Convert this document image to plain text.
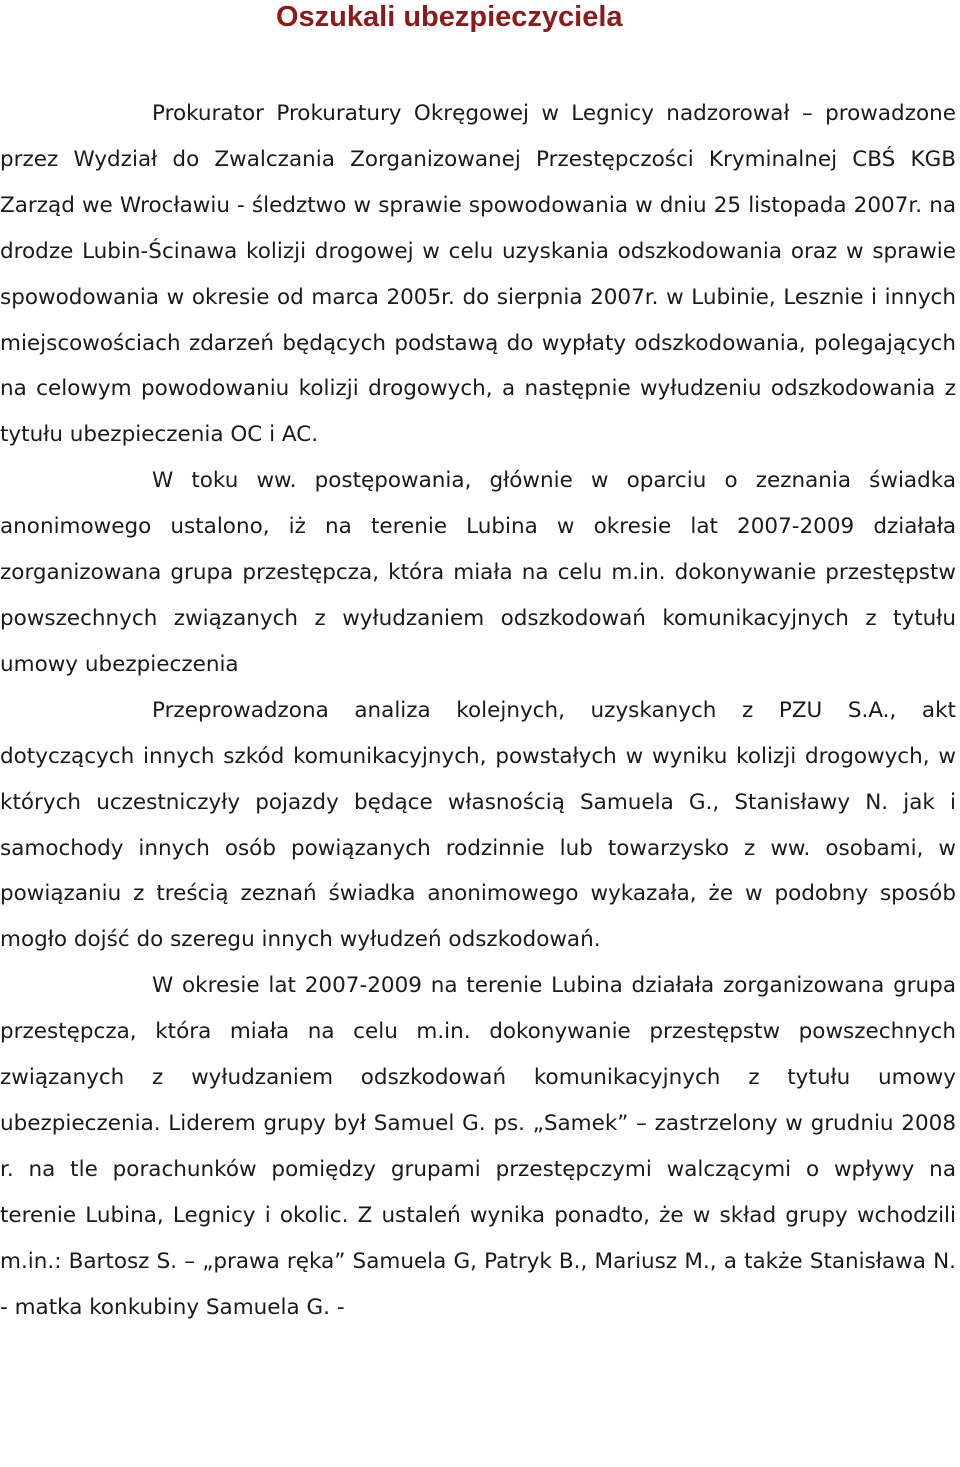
Oszukali ubezpieczyciela

Prokurator Prokuratury Okręgowej w Legnicy nadzorował – prowadzone przez Wydział do Zwalczania Zorganizowanej Przestępczości Kryminalnej CBŚ KGB Zarząd we Wrocławiu - śledztwo w sprawie spowodowania w dniu 25 listopada 2007r. na drodze Lubin-Ścinawa kolizji drogowej w celu uzyskania odszkodowania oraz w sprawie spowodowania w okresie od marca 2005r. do sierpnia 2007r. w Lubinie, Lesznie i innych miejscowościach zdarzeń będących podstawą do wypłaty odszkodowania, polegających na celowym powodowaniu kolizji drogowych, a następnie wyłudzeniu odszkodowania z tytułu ubezpieczenia OC i AC.

W toku ww. postępowania, głównie w oparciu o zeznania świadka anonimowego ustalono, iż na terenie Lubina w okresie lat 2007-2009 działała zorganizowana grupa przestępcza, która miała na celu m.in. dokonywanie przestępstw powszechnych związanych z wyłudzaniem odszkodowań komunikacyjnych z tytułu umowy ubezpieczenia

Przeprowadzona analiza kolejnych, uzyskanych z PZU S.A., akt dotyczących innych szkód komunikacyjnych, powstałych w wyniku kolizji drogowych, w których uczestniczyły pojazdy będące własnością Samuela G., Stanisławy N. jak i samochody innych osób powiązanych rodzinnie lub towarzysko z ww. osobami, w powiązaniu z treścią zeznań świadka anonimowego wykazała, że w podobny sposób mogło dojść do szeregu innych wyłudzeń odszkodowań.

W okresie lat 2007-2009 na terenie Lubina działała zorganizowana grupa przestępcza, która miała na celu m.in. dokonywanie przestępstw powszechnych związanych z wyłudzaniem odszkodowań komunikacyjnych z tytułu umowy ubezpieczenia. Liderem grupy był Samuel G. ps. „Samek” – zastrzelony w grudniu 2008 r. na tle porachunków pomiędzy grupami przestępczymi walczącymi o wpływy na terenie Lubina, Legnicy i okolic. Z ustaleń wynika ponadto, że w skład grupy wchodzili m.in.: Bartosz S. – „prawa ręka” Samuela G, Patryk B., Mariusz M., a także Stanisława N. - matka konkubiny Samuela G. -
